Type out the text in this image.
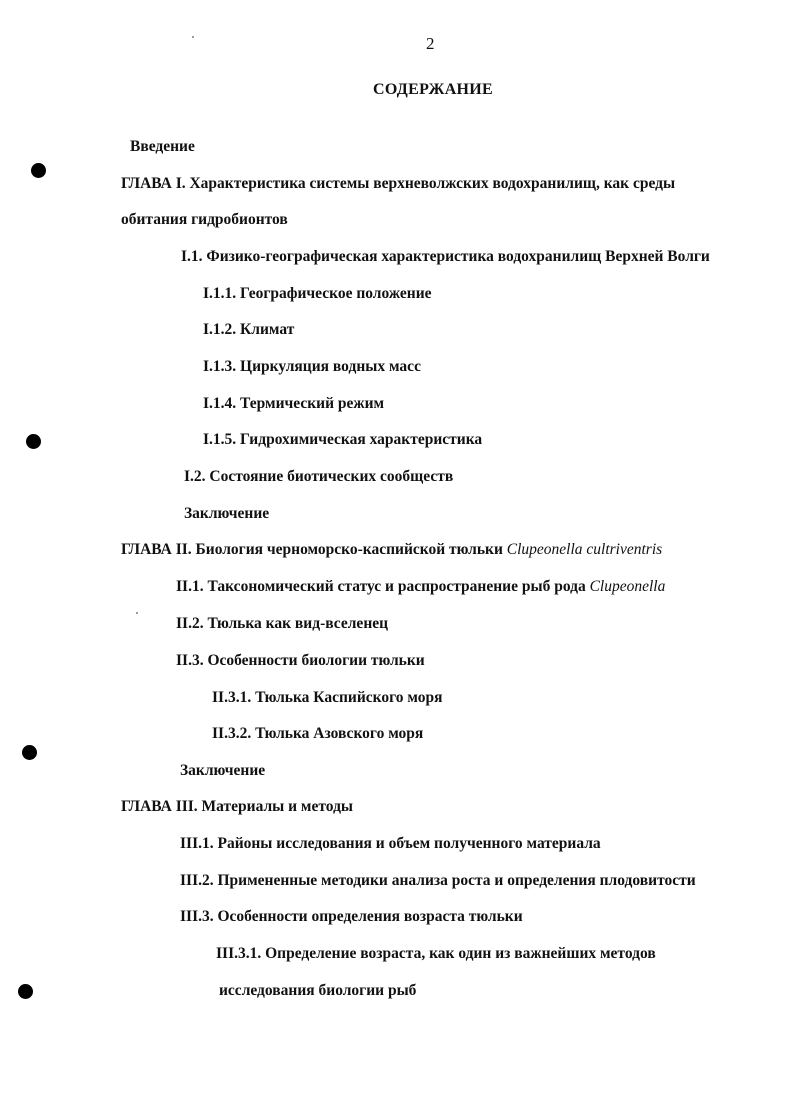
2
СОДЕРЖАНИЕ
Введение
ГЛАВА I. Характеристика системы верхневолжских водохранилищ, как среды
обитания гидробионтов
I.1. Физико-географическая характеристика водохранилищ Верхней Волги
I.1.1. Географическое положение
I.1.2. Климат
I.1.3. Циркуляция водных масс
I.1.4. Термический режим
I.1.5. Гидрохимическая характеристика
I.2. Состояние биотических сообществ
Заключение
ГЛАВА II. Биология черноморско-каспийской тюльки Clupeonella cultriventris
II.1. Таксономический статус и распространение рыб рода Clupeonella
II.2. Тюлька как вид-вселенец
II.3. Особенности биологии тюльки
II.3.1. Тюлька Каспийского моря
II.3.2. Тюлька Азовского моря
Заключение
ГЛАВА III. Материалы и методы
III.1. Районы исследования и объем полученного материала
III.2. Примененные методики анализа роста и определения плодовитости
III.3. Особенности определения возраста тюльки
III.3.1. Определение возраста, как один из важнейших методов
исследования биологии рыб
